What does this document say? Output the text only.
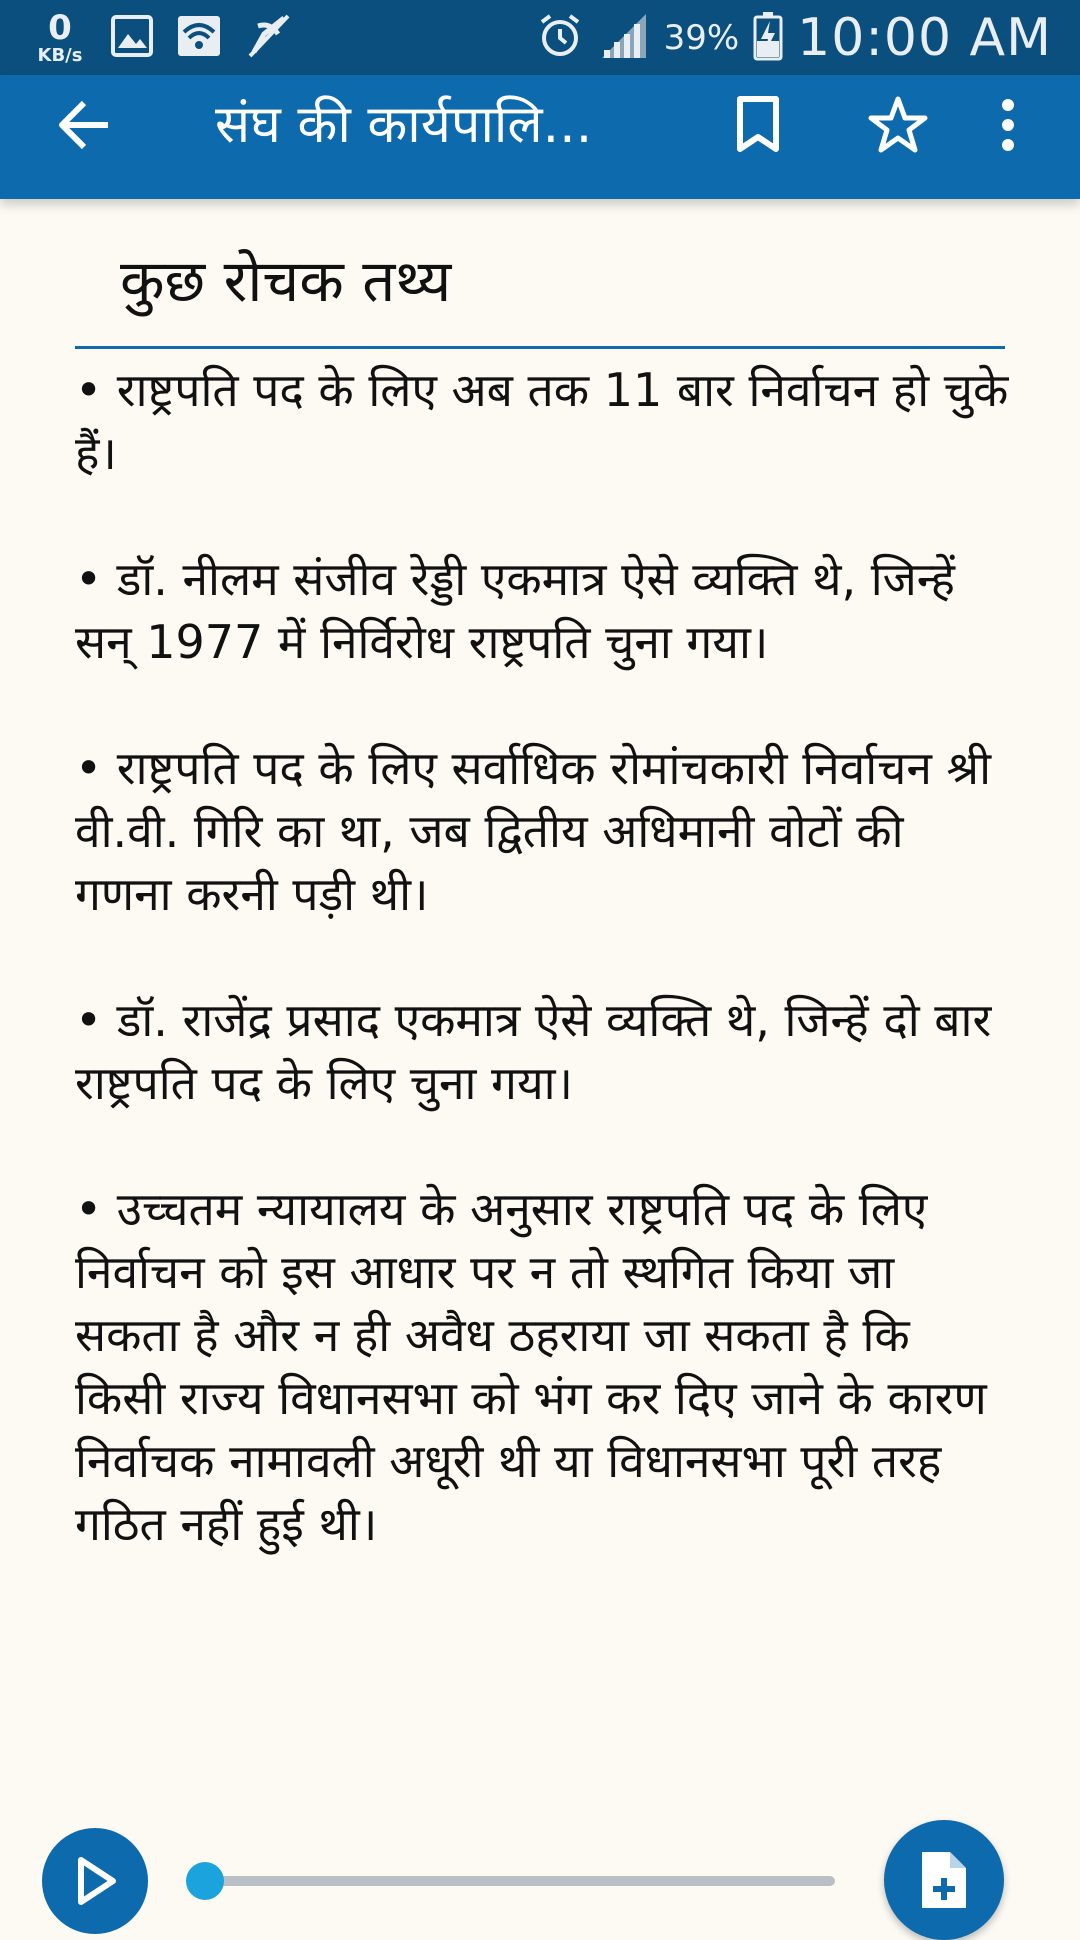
0
KB/s	39% 10:00 AM
संघ की कार्यपालि...
कुछ रोचक तथ्य

• राष्ट्रपति पद के लिए अब तक 11 बार निर्वाचन हो चुके हैं।

• डॉ. नीलम संजीव रेड्डी एकमात्र ऐसे व्यक्ति थे, जिन्हें सन् 1977 में निर्विरोध राष्ट्रपति चुना गया।

• राष्ट्रपति पद के लिए सर्वाधिक रोमांचकारी निर्वाचन श्री वी.वी. गिरि का था, जब द्वितीय अधिमानी वोटों की गणना करनी पड़ी थी।

• डॉ. राजेंद्र प्रसाद एकमात्र ऐसे व्यक्ति थे, जिन्हें दो बार राष्ट्रपति पद के लिए चुना गया।

• उच्चतम न्यायालय के अनुसार राष्ट्रपति पद के लिए निर्वाचन को इस आधार पर न तो स्थगित किया जा सकता है और न ही अवैध ठहराया जा सकता है कि किसी राज्य विधानसभा को भंग कर दिए जाने के कारण निर्वाचक नामावली अधूरी थी या विधानसभा पूरी तरह गठित नहीं हुई थी।
